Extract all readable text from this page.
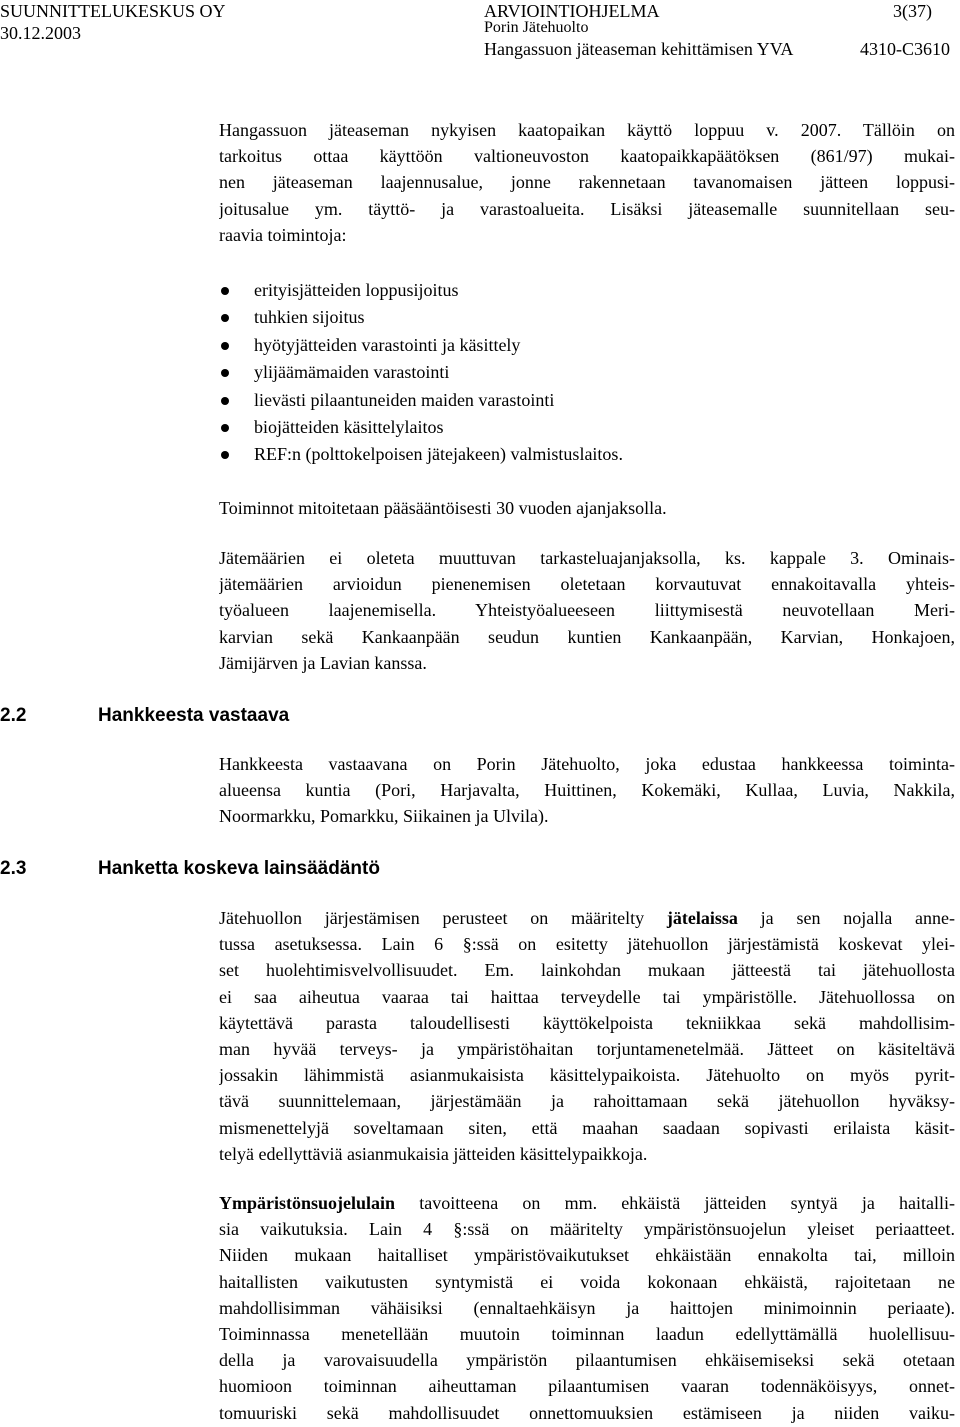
SUUNNITTELUKESKUS OY
30.12.2003
ARVIOINTIOHJELMA
Porin Jätehuolto
3(37)
Hangassuon jäteaseman kehittämisen YVA	4310-C3610
Hangassuon jäteaseman nykyisen kaatopaikan käyttö loppuu v. 2007. Tällöin on
tarkoitus ottaa käyttöön valtioneuvoston kaatopaikkapäätöksen (861/97) mukai-
nen jäteaseman laajennusalue, jonne rakennetaan tavanomaisen jätteen loppusi-
joitusalue ym. täyttö- ja varastoalueita. Lisäksi jäteasemalle suunnitellaan seu-
raavia toimintoja:
erityisjätteiden loppusijoitus
tuhkien sijoitus
hyötyjätteiden varastointi ja käsittely
ylijäämämaiden varastointi
lievästi pilaantuneiden maiden varastointi
biojätteiden käsittelylaitos
REF:n (polttokelpoisen jätejakeen) valmistuslaitos.
Toiminnot mitoitetaan pääsääntöisesti 30 vuoden ajanjaksolla.
Jätemäärien ei oleteta muuttuvan tarkasteluajanjaksolla, ks. kappale 3. Ominais-
jätemäärien arvioidun pienenemisen oletetaan korvautuvat ennakoitavalla yhteis-
työalueen laajenemisella. Yhteistyöalueeseen liittymisestä neuvotellaan Meri-
karvian sekä Kankaanpään seudun kuntien Kankaanpään, Karvian, Honkajoen,
Jämijärven ja Lavian kanssa.
2.2	Hankkeesta vastaava
Hankkeesta vastaavana on Porin Jätehuolto, joka edustaa hankkeessa toiminta-
alueensa kuntia (Pori, Harjavalta, Huittinen, Kokemäki, Kullaa, Luvia, Nakkila,
Noormarkku, Pomarkku, Siikainen ja Ulvila).
2.3	Hanketta koskeva lainsäädäntö
Jätehuollon järjestämisen perusteet on määritelty jätelaissa ja sen nojalla anne-
tussa asetuksessa. Lain 6 §:ssä on esitetty jätehuollon järjestämistä koskevat ylei-
set huolehtimisvelvollisuudet. Em. lainkohdan mukaan jätteestä tai jätehuollosta
ei saa aiheutua vaaraa tai haittaa terveydelle tai ympäristölle. Jätehuollossa on
käytettävä parasta taloudellisesti käyttökelpoista tekniikkaa sekä mahdollisim-
man hyvää terveys- ja ympäristöhaitan torjuntamenetelmää. Jätteet on käsiteltävä
jossakin lähimmistä asianmukaisista käsittelypaikoista. Jätehuolto on myös pyrit-
tävä suunnittelemaan, järjestämään ja rahoittamaan sekä jätehuollon hyväksy-
mismenettelyjä soveltamaan siten, että maahan saadaan sopivasti erilaista käsit-
telyä edellyttäviä asianmukaisia jätteiden käsittelypaikkoja.
Ympäristönsuojelulain tavoitteena on mm. ehkäistä jätteiden syntyä ja haitalli-
sia vaikutuksia. Lain 4 §:ssä on määritelty ympäristönsuojelun yleiset periaatteet.
Niiden mukaan haitalliset ympäristövaikutukset ehkäistään ennakolta tai, milloin
haitallisten vaikutusten syntymistä ei voida kokonaan ehkäistä, rajoitetaan ne
mahdollisimman vähäisiksi (ennaltaehkäisyn ja haittojen minimoinnin periaate).
Toiminnassa menetellään muutoin toiminnan laadun edellyttämällä huolellisuu-
della ja varovaisuudella ympäristön pilaantumisen ehkäisemiseksi sekä otetaan
huomioon toiminnan aiheuttaman pilaantumisen vaaran todennäköisyys, onnet-
tomuuriski sekä mahdollisuudet onnettomuuksien estämiseen ja niiden vaiku-
